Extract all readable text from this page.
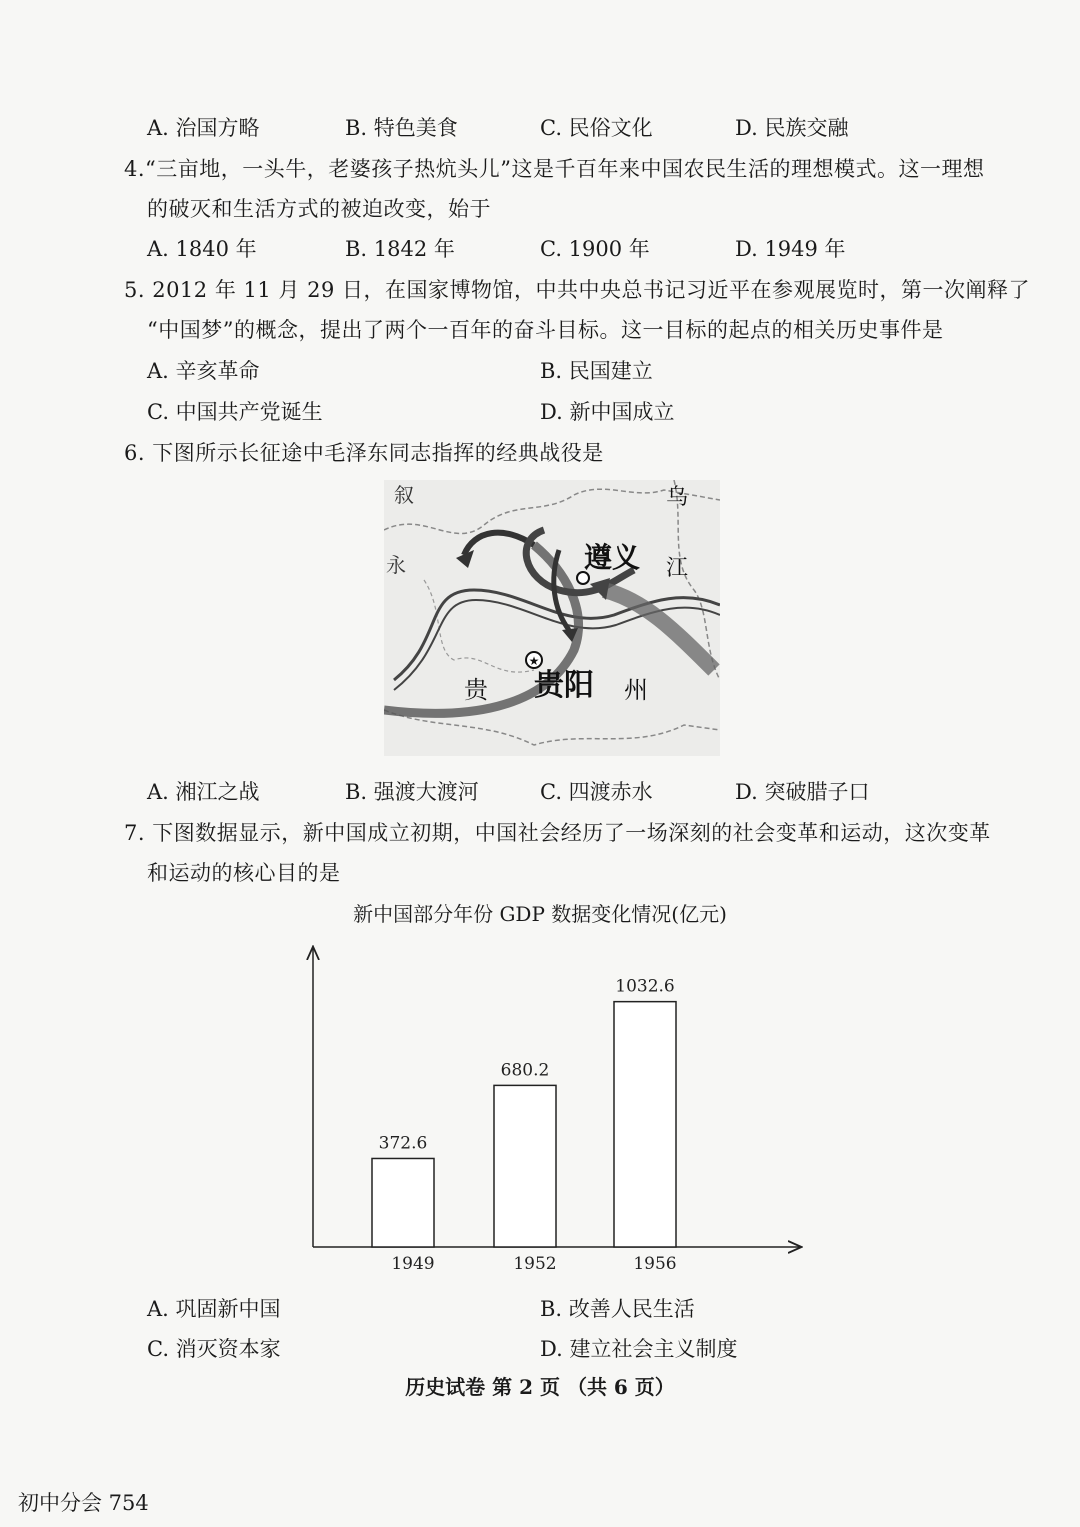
A. 治国方略	B. 特色美食	C. 民俗文化	D. 民族交融
4.“三亩地，一头牛，老婆孩子热炕头儿”这是千百年来中国农民生活的理想模式。这一理想
的破灭和生活方式的被迫改变，始于
A. 1840 年	B. 1842 年	C. 1900 年	D. 1949 年
5. 2012 年 11 月 29 日，在国家博物馆，中共中央总书记习近平在参观展览时，第一次阐释了
“中国梦”的概念，提出了两个一百年的奋斗目标。这一目标的起点的相关历史事件是
A. 辛亥革命	B. 民国建立
C. 中国共产党诞生	D. 新中国成立
6. 下图所示长征途中毛泽东同志指挥的经典战役是
★
遵义
贵阳
贵	州
乌
江
叙
永
A. 湘江之战	B. 强渡大渡河	C. 四渡赤水	D. 突破腊子口
7. 下图数据显示，新中国成立初期，中国社会经历了一场深刻的社会变革和运动，这次变革
和运动的核心目的是
新中国部分年份 GDP 数据变化情况(亿元)
372.6
1949
680.2
1952
1032.6
1956
A. 巩固新中国	B. 改善人民生活
C. 消灭资本家	D. 建立社会主义制度
历史试卷 第 2 页 （共 6 页）
初中分会 754
